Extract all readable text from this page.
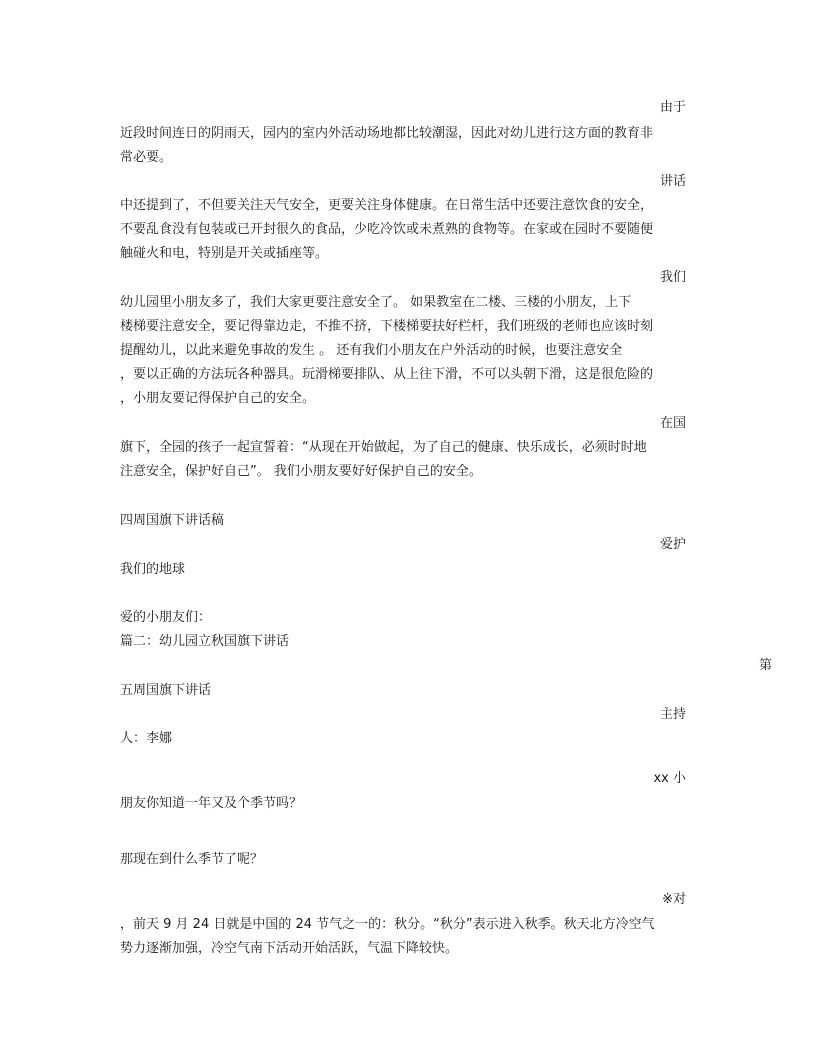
由于
近段时间连日的阴雨天，园内的室内外活动场地都比较潮湿，因此对幼儿进行这方面的教育非
常必要。
讲话
中还提到了，不但要关注天气安全，更要关注身体健康。在日常生活中还要注意饮食的安全，
不要乱食没有包装或已开封很久的食品，少吃冷饮或未煮熟的食物等。在家或在园时不要随便
触碰火和电，特别是开关或插座等。
我们
幼儿园里小朋友多了，我们大家更要注意安全了。 如果教室在二楼、三楼的小朋友，上下
楼梯要注意安全，要记得靠边走，不推不挤，下楼梯要扶好栏杆，我们班级的老师也应该时刻
提醒幼儿，以此来避免事故的发生 。 还有我们小朋友在户外活动的时候，也要注意安全
，要以正确的方法玩各种器具。玩滑梯要排队、从上往下滑，不可以头朝下滑，这是很危险的
，小朋友要记得保护自己的安全。
在国
旗下，全园的孩子一起宣誓着：“从现在开始做起，为了自己的健康、快乐成长，必须时时地
注意安全，保护好自己”。 我们小朋友要好好保护自己的安全。
四周国旗下讲话稿
爱护
我们的地球
爱的小朋友们：
篇二：幼儿园立秋国旗下讲话
第
五周国旗下讲话
主持
人：李娜
xx 小
朋友你知道一年又及个季节吗？
那现在到什么季节了呢？
※对
，前天 9 月 24 日就是中国的 24 节气之一的：秋分。“秋分”表示进入秋季。秋天北方冷空气
势力逐渐加强，冷空气南下活动开始活跃，气温下降较快。
